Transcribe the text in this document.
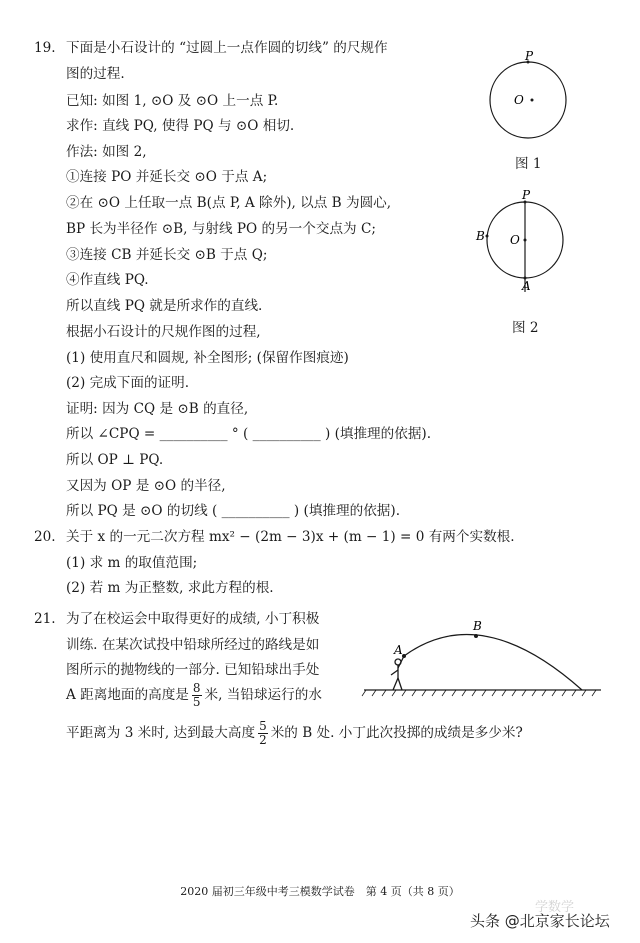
19. 下面是小石设计的 “过圆上一点作圆的切线” 的尺规作
图的过程.
已知: 如图 1, ⊙O 及 ⊙O 上一点 P.
求作: 直线 PQ, 使得 PQ 与 ⊙O 相切.
作法: 如图 2,
①连接 PO 并延长交 ⊙O 于点 A;
②在 ⊙O 上任取一点 B(点 P, A 除外), 以点 B 为圆心,
BP 长为半径作 ⊙B, 与射线 PO 的另一个交点为 C;
③连接 CB 并延长交 ⊙B 于点 Q;
④作直线 PQ.
所以直线 PQ 就是所求作的直线.
根据小石设计的尺规作图的过程,
(1) 使用直尺和圆规, 补全图形; (保留作图痕迹)
(2) 完成下面的证明.
证明: 因为 CQ 是 ⊙B 的直径,
所以 ∠CPQ = __________ ° ( __________ ) (填推理的依据).
所以 OP ⊥ PQ.
又因为 OP 是 ⊙O 的半径,
所以 PQ 是 ⊙O 的切线 ( __________ ) (填推理的依据).
P
O
图 1
P
O
B
A
图 2
20. 关于 x 的一元二次方程 mx² − (2m − 3)x + (m − 1) = 0 有两个实数根.
(1) 求 m 的取值范围;
(2) 若 m 为正整数, 求此方程的根.
21. 为了在校运会中取得更好的成绩, 小丁积极
训练. 在某次试投中铅球所经过的路线是如
图所示的抛物线的一部分. 已知铅球出手处
A 距离地面的高度是 $\frac{8}{5}$ 米, 当铅球运行的水
平距离为 3 米时, 达到最大高度 $\frac{5}{2}$ 米的 B 处. 小丁此次投掷的成绩是多少米?
A
B
2020 届初三年级中考三模数学试卷　第 4 页（共 8 页）
学数学
头条 @北京家长论坛
